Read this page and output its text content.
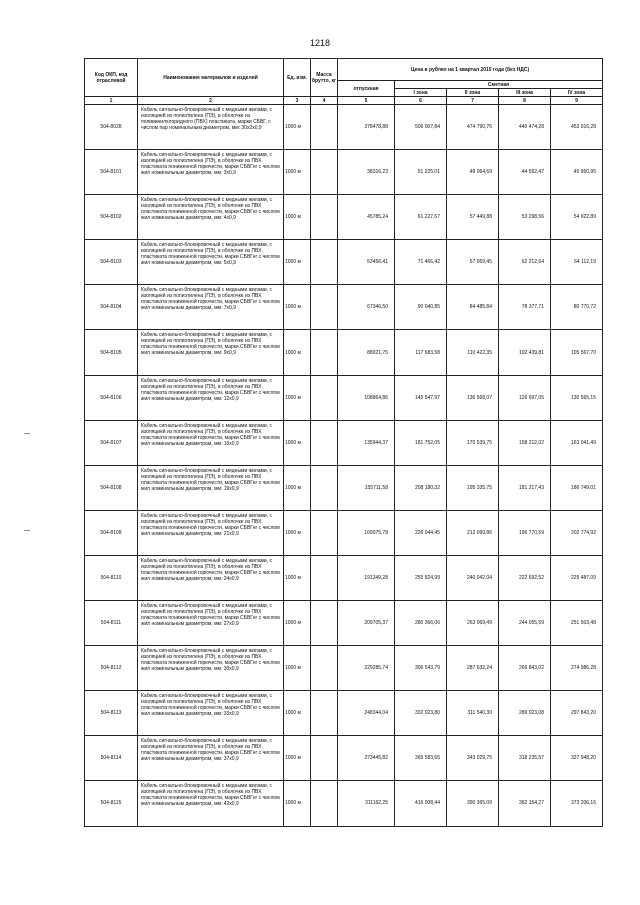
1218
Код ОКП, код отраслевой	Наименование материалов и изделий	Ед. изм.	Масса брутто, кг	Цена в рублях на 1 квартал 2010 года (без НДС)				
				отпускная	Сметная			
					I зона	II зона	III зона	IV зона
1	2	3	4	5	6	7	8	9
504-8028	Кабель сигнально-блокировочный с медными жилами, с изоляцией из полиэтилена (ПЭ), в оболочке из поливинилхлоридного (ПВХ) пластиката, марки СБВГ, с числом пар номинальным диаметром, мм: 30х2х0,9	1000 м		378478,88	506 007,84	474 790,76	440 474,28	453 916,28
504-8101	Кабель сигнально-блокировочный с медными жилами, с изоляцией из полиэтилена (ПЭ), в оболочке из ПВХ пластиката пониженной горючести, марки СБВГнг с числом жил номинальным диаметром, мм: 3х0,9	1000 м		38316,23	51 225,01	48 064,69	44 592,47	45 950,95
504-8102	Кабель сигнально-блокировочный с медными жилами, с изоляцией из полиэтилена (ПЭ), в оболочке из ПВХ пластиката пониженной горючести, марки СБВГнг с числом жил номинальным диаметром, мм: 4х0,9	1000 м		45785,24	61 227,67	57 449,88	53 298,56	54 922,89
504-8103	Кабель сигнально-блокировочный с медными жилами, с изоляцией из полиэтилена (ПЭ), в оболочке из ПВХ пластиката пониженной горючести, марки СБВГнг с числом жил номинальным диаметром, мм: 5х0,9	1000 м		53456,41	71 466,42	67 059,45	62 212,64	64 112,19
504-8104	Кабель сигнально-блокировочный с медными жилами, с изоляцией из полиэтилена (ПЭ), в оболочке из ПВХ пластиката пониженной горючести, марки СБВГнг с числом жил номинальным диаметром, мм: 7х0,9	1000 м		67346,50	90 040,85	84 485,84	78 377,71	80 770,72
504-8105	Кабель сигнально-блокировочный с медными жилами, с изоляцией из полиэтилена (ПЭ), в оболочке из ПВХ пластиката пониженной горючести, марки СБВГнг с числом жил номинальным диаметром, мм: 9х0,9	1000 м		88021,75	117 683,58	110 422,35	102 439,81	105 567,70
504-8106	Кабель сигнально-блокировочный с медными жилами, с изоляцией из полиэтилена (ПЭ), в оболочке из ПВХ пластиката пониженной горючести, марки СБВГнг с числом жил номинальным диаметром, мм: 12х0,9	1000 м		108864,86	145 547,97	136 568,07	126 697,05	130 565,15
504-8107	Кабель сигнально-блокировочный с медными жилами, с изоляцией из полиэтилена (ПЭ), в оболочке из ПВХ пластиката пониженной горючести, марки СБВГнг с числом жил номинальным диаметром, мм: 16х0,9	1000 м		135944,37	181 752,05	170 539,75	158 212,02	163 041,49
504-8108	Кабель сигнально-блокировочный с медными жилами, с изоляцией из полиэтилена (ПЭ), в оболочке из ПВХ пластиката пониженной горючести, марки СБВГнг с числом жил номинальным диаметром, мм: 19х0,9	1000 м		155711,58	208 180,32	195 335,75	181 217,43	186 749,01
504-8109	Кабель сигнально-блокировочный с медными жилами, с изоляцией из полиэтилена (ПЭ), в оболочке из ПВХ пластиката пониженной горючести, марки СБВГнг с числом жил номинальным диаметром, мм: 21х0,9	1000 м		169075,78	226 044,45	212 099,86	196 770,59	202 774,92
504-8110	Кабель сигнально-блокировочный с медными жилами, с изоляцией из полиэтилена (ПЭ), в оболочке из ПВХ пластиката пониженной горючести, марки СБВГнг с числом жил номинальным диаметром, мм: 24х0,9	1000 м		191349,28	255 824,99	240 042,04	222 692,52	229 487,09
504-8111	Кабель сигнально-блокировочный с медными жилами, с изоляцией из полиэтилена (ПЭ), в оболочке из ПВХ пластиката пониженной горючести, марки СБВГнг с числом жил номинальным диаметром, мм: 27х0,9	1000 м		209705,37	280 366,06	263 069,49	244 055,59	251 503,48
504-8112	Кабель сигнально-блокировочный с медными жилами, с изоляцией из полиэтилена (ПЭ), в оболочке из ПВХ пластиката пониженной горючести, марки СБВГнг с числом жил номинальным диаметром, мм: 30х0,9	1000 м		229285,74	306 543,79	287 632,24	266 843,02	274 986,28
504-8113	Кабель сигнально-блокировочный с медными жилами, с изоляцией из полиэтилена (ПЭ), в оболочке из ПВХ пластиката пониженной горючести, марки СБВГнг с числом жил номинальным диаметром, мм: 33х0,9	1000 м		248344,04	332 023,80	311 540,30	289 023,08	297 843,20
504-8114	Кабель сигнально-блокировочный с медными жилами, с изоляцией из полиэтилена (ПЭ), в оболочке из ПВХ пластиката пониженной горючести, марки СБВГнг с числом жил номинальным диаметром, мм: 37х0,9	1000 м		273445,82	365 583,65	343 029,75	318 235,57	327 948,20
504-8115	Кабель сигнально-блокировочный с медными жилами, с изоляцией из полиэтилена (ПЭ), в оболочке из ПВХ пластиката пониженной горючести, марки СБВГнг с числом жил номинальным диаметром, мм: 42х0,9	1000 м		311162,25	416 008,44	390 365,09	362 154,27	373 206,16
